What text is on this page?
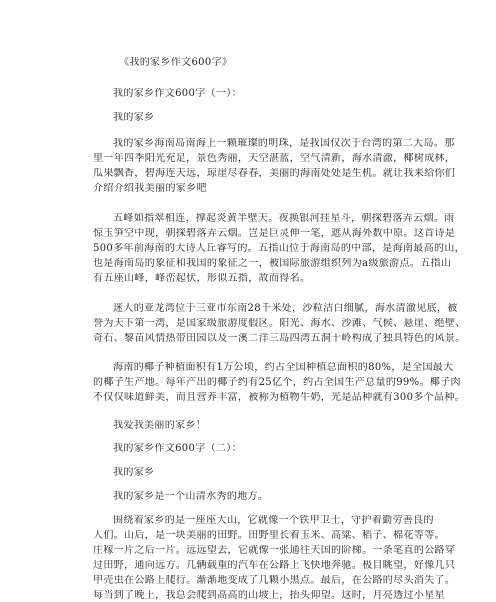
《我的家乡作文600字》
我的家乡作文600字（一）：
我的家乡
我的家乡海南岛南海上一颗璀璨的明珠，是我国仅次于台湾的第二大岛。那
里一年四季阳光充足，景色秀丽，天空湛蓝，空气清新，海水清澈，椰树成林，
瓜果飘香，碧海连天远，琼崖尽春春，美丽的海南处处是生机。就让我来给你们
介绍介绍我美丽的家乡吧
五峰如指翠相连，撑起炎黄半壁天。夜换银河挂星斗，朝探碧落弄云烟。雨
惊玉笋空中现，朝探碧落弄云烟。岂是巨灵伸一笔，遮从海外数中原。这首诗是
500多年前海南的大诗人丘睿写的。五指山位于海南岛的中部，是海南最高的山，
也是海南岛的象征和我国的象征之一，被国际旅游组织列为a级旅游点。五指山
有五座山峰，峰峦起伏，形似五指，故而得名。
迷人的亚龙湾位于三亚市东南28千米处，沙粒洁白细腻，海水清澈见底，被
誉为天下第一湾，是国家级旅游度假区。阳光、海水、沙滩、气候、悬崖、绝壁、
奇石、黎苗风情热带田园以及一溪二洋三岛四湾五洞十岭构成了独具特色的风景。
海南的椰子种植面积有1万公顷，约占全国种植总面积的80%，是全国最大
的椰子生产地。每年产出的椰子约有25亿个，约占全国生产总量的99%。椰子肉
不仅仅味道鲜美，而且营养丰富，被称为植物牛奶，光是品种就有300多个品种。
我爱我美丽的家乡！
我的家乡作文600字（二）：
我的家乡
我的家乡是一个山清水秀的地方。
围绕着家乡的是一座座大山，它就像一个铁甲卫士，守护着勤劳善良的
人们。山后，是一块美丽的田野。田野里长着玉米、高粱、稻子、棉花等等。
庄稼一片之后一片。远远望去，它就像一张通往天国的阶梯。一条笔直的公路穿
过田野，通向远方。几辆载重的汽车在公路上飞快地奔驰。极目眺望，好像几只
甲壳虫在公路上爬行。渐渐地变成了几颗小黑点。最后，在公路的尽头消失了。
每当到了晚上，我总会爬到高高的山坡上，抬头仰望。这时，月亮透过小星星
